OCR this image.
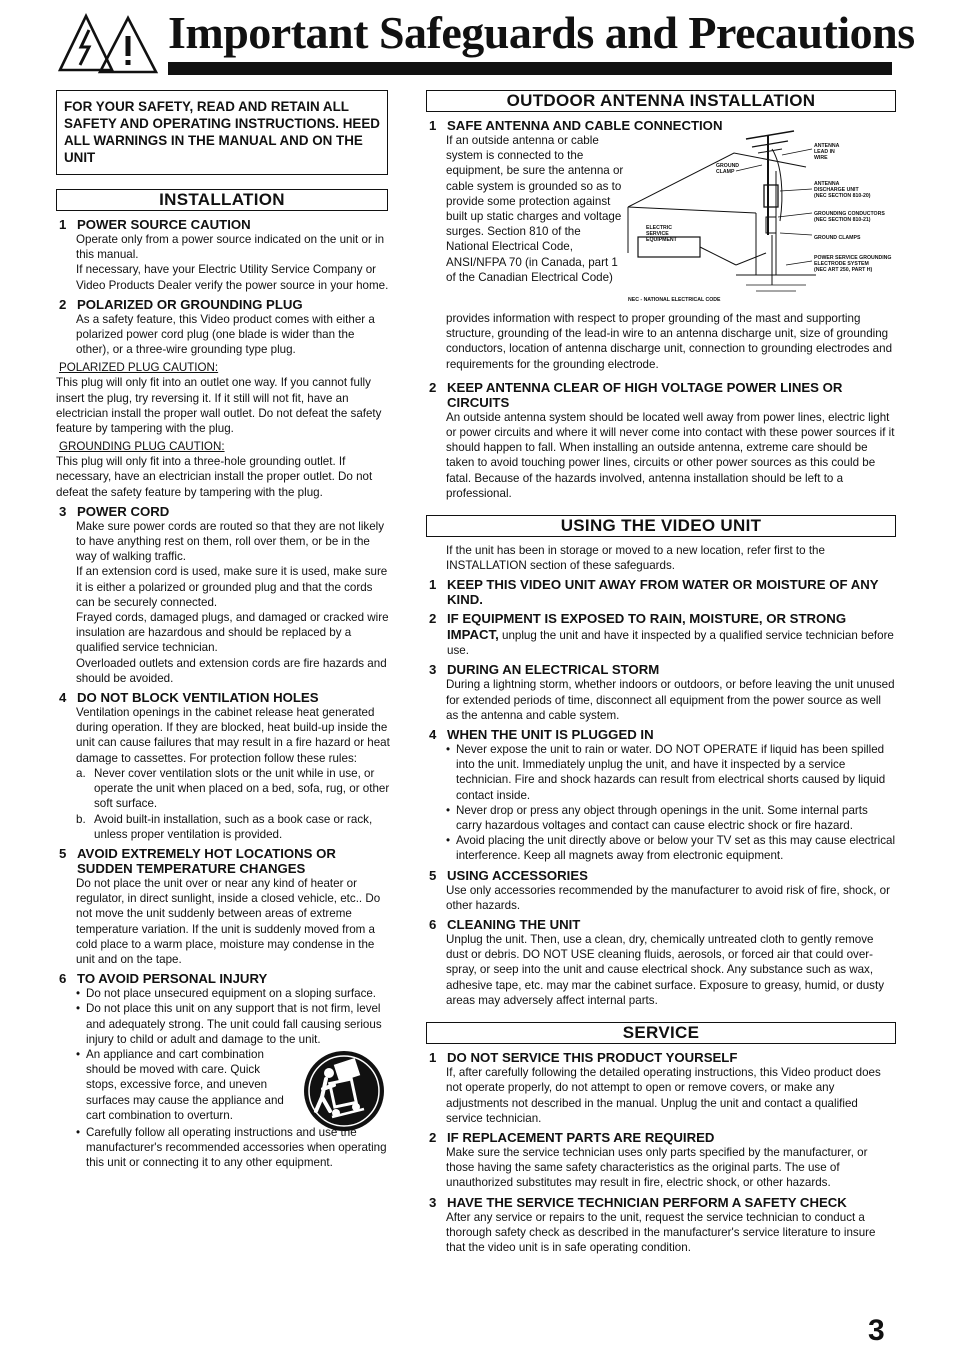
Important Safeguards and Precautions
FOR YOUR SAFETY, READ AND RETAIN ALL SAFETY AND OPERATING INSTRUCTIONS. HEED ALL WARNINGS IN THE MANUAL AND ON THE UNIT
INSTALLATION
1 POWER SOURCE CAUTION

Operate only from a power source indicated on the unit or in this manual.

If necessary, have your Electric Utility Service Company or Video Products Dealer verify the power source in your home.

2 POLARIZED OR GROUNDING PLUG

As a safety feature, this Video product comes with either a polarized power cord plug (one blade is wider than the other), or a three-wire grounding type plug.

POLARIZED PLUG CAUTION:
This plug will only fit into an outlet one way. If you cannot fully insert the plug, try reversing it. If it still will not fit, have an electrician install the proper wall outlet. Do not defeat the safety feature by tampering with the plug.
GROUNDING PLUG CAUTION:
This plug will only fit into a three-hole grounding outlet. If necessary, have an electrician install the proper outlet. Do not defeat the safety feature by tampering with the plug.
3 POWER CORD

Make sure power cords are routed so that they are not likely to have anything rest on them, roll over them, or be in the way of walking traffic.

If an extension cord is used, make sure it is used, make sure it is either a polarized or grounded plug and that the cords can be securely connected.

Frayed cords, damaged plugs, and damaged or cracked wire insulation are hazardous and should be replaced by a qualified service technician.

Overloaded outlets and extension cords are fire hazards and should be avoided.

4 DO NOT BLOCK VENTILATION HOLES

Ventilation openings in the cabinet release heat generated during operation. If they are blocked, heat build-up inside the unit can cause failures that may result in a fire hazard or heat damage to cassettes. For protection follow these rules:

a. Never cover ventilation slots or the unit while in use, or operate the unit when placed on a bed, sofa, rug, or other soft surface.
b. Avoid built-in installation, such as a book case or rack, unless proper ventilation is provided.
5 AVOID EXTREMELY HOT LOCATIONS OR SUDDEN TEMPERATURE CHANGES

Do not place the unit over or near any kind of heater or regulator, in direct sunlight, inside a closed vehicle, etc.. Do not move the unit suddenly between areas of extreme temperature variation. If the unit is suddenly moved from a cold place to a warm place, moisture may condense in the unit and on the tape.

6 TO AVOID PERSONAL INJURY
• Do not place unsecured equipment on a sloping surface.
• Do not place this unit on any support that is not firm, level and adequately strong. The unit could fall causing serious injury to child or adult and damage to the unit.
• An appliance and cart combination should be moved with care. Quick stops, excessive force, and uneven surfaces may cause the appliance and cart combination to overturn.
• Carefully follow all operating instructions and use the manufacturer's recommended accessories when operating this unit or connecting it to any other equipment.
OUTDOOR ANTENNA INSTALLATION
1 SAFE ANTENNA AND CABLE CONNECTION
If an outside antenna or cable system is connected to the equipment, be sure the antenna or cable system is grounded so as to provide some protection against built up static charges and voltage surges. Section 810 of the National Electrical Code, ANSI/NFPA 70 (in Canada, part 1 of the Canadian Electrical Code)
ANTENNA
LEAD IN
WIRE
GROUND
CLAMP
ANTENNA
DISCHARGE UNIT
(NEC SECTION 810-20)
ELECTRIC
SERVICE
EQUIPMENT
GROUNDING CONDUCTORS
(NEC SECTION 810-21)
GROUND CLAMPS
POWER SERVICE GROUNDING
ELECTRODE SYSTEM
(NEC ART 250, PART H)
NEC - NATIONAL ELECTRICAL CODE

provides information with respect to proper grounding of the mast and supporting structure, grounding of the lead-in wire to an antenna discharge unit, size of grounding conductors, location of antenna discharge unit, connection to grounding electrodes and requirements for the grounding electrode.

2 KEEP ANTENNA CLEAR OF HIGH VOLTAGE POWER LINES OR CIRCUITS

An outside antenna system should be located well away from power lines, electric light or power circuits and where it will never come into contact with these power sources if it should happen to fall. When installing an outside antenna, extreme care should be taken to avoid touching power lines, circuits or other power sources as this could be fatal. Because of the hazards involved, antenna installation should be left to a professional.

USING THE VIDEO UNIT
If the unit has been in storage or moved to a new location, refer first to the INSTALLATION section of these safeguards.
1 KEEP THIS VIDEO UNIT AWAY FROM WATER OR MOISTURE OF ANY KIND.
2 IF EQUIPMENT IS EXPOSED TO RAIN, MOISTURE, OR STRONG IMPACT, unplug the unit and have it inspected by a qualified service technician before use.
3 DURING AN ELECTRICAL STORM

During a lightning storm, whether indoors or outdoors, or before leaving the unit unused for extended periods of time, disconnect all equipment from the power source as well as the antenna and cable system.

4 WHEN THE UNIT IS PLUGGED IN
• Never expose the unit to rain or water. DO NOT OPERATE if liquid has been spilled into the unit. Immediately unplug the unit, and have it inspected by a service technician. Fire and shock hazards can result from electrical shorts caused by liquid contact inside.
• Never drop or press any object through openings in the unit. Some internal parts carry hazardous voltages and contact can cause electric shock or fire hazard.
• Avoid placing the unit directly above or below your TV set as this may cause electrical interference. Keep all magnets away from electronic equipment.
5 USING ACCESSORIES

Use only accessories recommended by the manufacturer to avoid risk of fire, shock, or other hazards.

6 CLEANING THE UNIT

Unplug the unit. Then, use a clean, dry, chemically untreated cloth to gently remove dust or debris. DO NOT USE cleaning fluids, aerosols, or forced air that could over-spray, or seep into the unit and cause electrical shock. Any substance such as wax, adhesive tape, etc. may mar the cabinet surface. Exposure to greasy, humid, or dusty areas may adversely affect internal parts.

SERVICE
1 DO NOT SERVICE THIS PRODUCT YOURSELF

If, after carefully following the detailed operating instructions, this Video product does not operate properly, do not attempt to open or remove covers, or make any adjustments not described in the manual. Unplug the unit and contact a qualified service technician.

2 IF REPLACEMENT PARTS ARE REQUIRED

Make sure the service technician uses only parts specified by the manufacturer, or those having the same safety characteristics as the original parts. The use of unauthorized substitutes may result in fire, electric shock, or other hazards.

3 HAVE THE SERVICE TECHNICIAN PERFORM A SAFETY CHECK

After any service or repairs to the unit, request the service technician to conduct a thorough safety check as described in the manufacturer's service literature to insure that the video unit is in safe operating condition.

3
